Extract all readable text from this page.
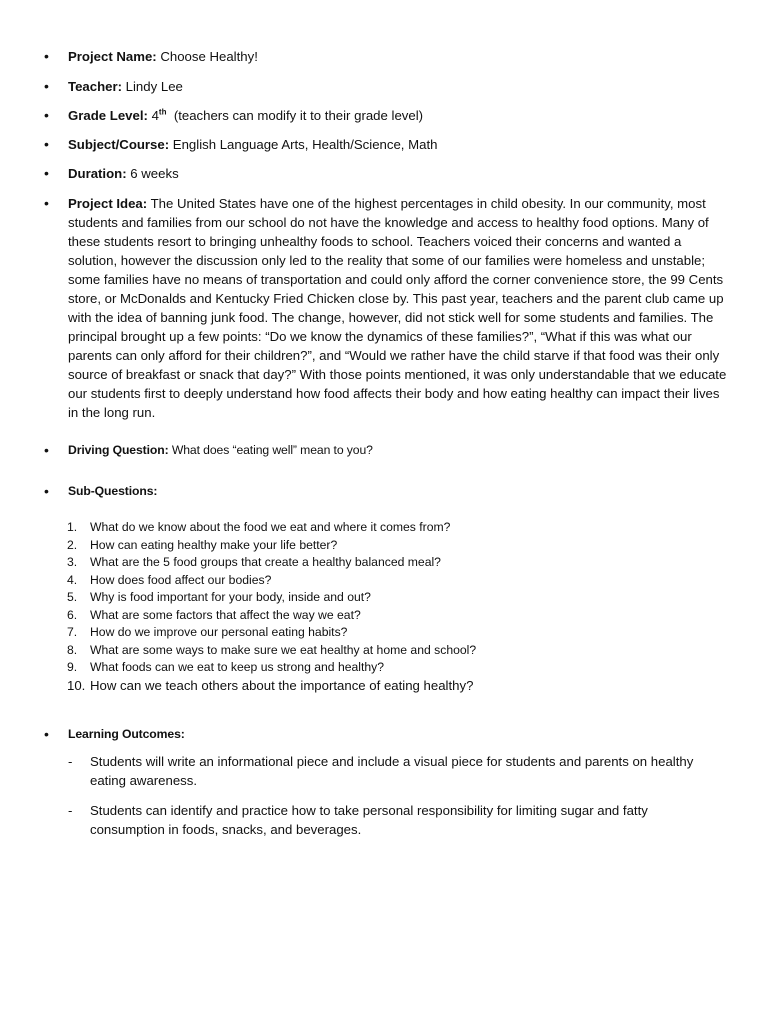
• Project Name: Choose Healthy!
• Teacher: Lindy Lee
• Grade Level: 4th (teachers can modify it to their grade level)
• Subject/Course: English Language Arts, Health/Science, Math
• Duration: 6 weeks
• Project Idea: The United States have one of the highest percentages in child obesity. In our community, most students and families from our school do not have the knowledge and access to healthy food options. Many of these students resort to bringing unhealthy foods to school. Teachers voiced their concerns and wanted a solution, however the discussion only led to the reality that some of our families were homeless and unstable; some families have no means of transportation and could only afford the corner convenience store, the 99 Cents store, or McDonalds and Kentucky Fried Chicken close by. This past year, teachers and the parent club came up with the idea of banning junk food. The change, however, did not stick well for some students and families. The principal brought up a few points: “Do we know the dynamics of these families?”, “What if this was what our parents can only afford for their children?”, and “Would we rather have the child starve if that food was their only source of breakfast or snack that day?” With those points mentioned, it was only understandable that we educate our students first to deeply understand how food affects their body and how eating healthy can impact their lives in the long run.
• Driving Question: What does “eating well” mean to you?
• Sub-Questions:
1. What do we know about the food we eat and where it comes from?
2. How can eating healthy make your life better?
3. What are the 5 food groups that create a healthy balanced meal?
4. How does food affect our bodies?
5. Why is food important for your body, inside and out?
6. What are some factors that affect the way we eat?
7. How do we improve our personal eating habits?
8. What are some ways to make sure we eat healthy at home and school?
9. What foods can we eat to keep us strong and healthy?
10. How can we teach others about the importance of eating healthy?
• Learning Outcomes:
- Students will write an informational piece and include a visual piece for students and parents on healthy eating awareness.
- Students can identify and practice how to take personal responsibility for limiting sugar and fatty consumption in foods, snacks, and beverages.
